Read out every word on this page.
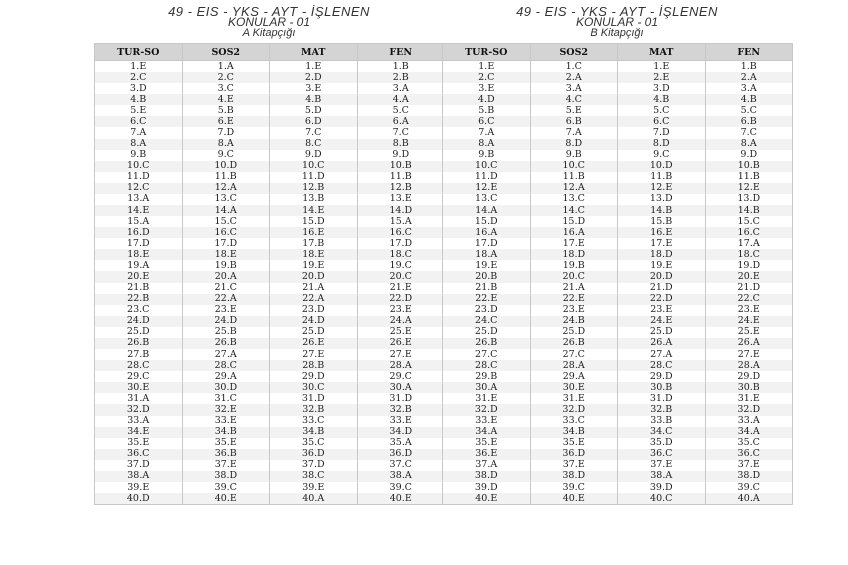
49 - EIS - YKS - AYT - İŞLENEN
KONULAR - 01
A Kitapçığı
TUR-SO	SOS2	MAT	FEN
1.E	1.A	1.E	1.B
2.C	2.C	2.D	2.B
3.D	3.C	3.E	3.A
4.B	4.E	4.B	4.A
5.E	5.B	5.D	5.C
6.C	6.E	6.D	6.A
7.A	7.D	7.C	7.C
8.A	8.A	8.C	8.B
9.B	9.C	9.D	9.D
10.C	10.D	10.C	10.B
11.D	11.B	11.D	11.B
12.C	12.A	12.B	12.B
13.A	13.C	13.B	13.E
14.E	14.A	14.E	14.D
15.A	15.C	15.D	15.A
16.D	16.C	16.E	16.C
17.D	17.D	17.B	17.D
18.E	18.E	18.E	18.C
19.A	19.B	19.E	19.C
20.E	20.A	20.D	20.C
21.B	21.C	21.A	21.E
22.B	22.A	22.A	22.D
23.C	23.E	23.D	23.E
24.D	24.D	24.D	24.A
25.D	25.B	25.D	25.E
26.B	26.B	26.E	26.E
27.B	27.A	27.E	27.E
28.C	28.C	28.B	28.A
29.C	29.A	29.D	29.C
30.E	30.D	30.C	30.A
31.A	31.C	31.D	31.D
32.D	32.E	32.B	32.B
33.A	33.E	33.C	33.E
34.E	34.B	34.B	34.D
35.E	35.E	35.C	35.A
36.C	36.B	36.D	36.D
37.D	37.E	37.D	37.C
38.A	38.D	38.C	38.A
39.E	39.C	39.E	39.C
40.D	40.E	40.A	40.E
49 - EIS - YKS - AYT - İŞLENEN
KONULAR - 01
B Kitapçığı
TUR-SO	SOS2	MAT	FEN
1.E	1.C	1.E	1.B
2.C	2.A	2.E	2.A
3.E	3.A	3.D	3.A
4.D	4.C	4.B	4.B
5.B	5.E	5.C	5.C
6.C	6.B	6.C	6.B
7.A	7.A	7.D	7.C
8.A	8.D	8.D	8.A
9.B	9.B	9.C	9.D
10.C	10.C	10.D	10.B
11.D	11.B	11.B	11.B
12.E	12.A	12.E	12.E
13.C	13.C	13.D	13.D
14.A	14.C	14.B	14.B
15.D	15.D	15.B	15.C
16.A	16.A	16.E	16.C
17.D	17.E	17.E	17.A
18.A	18.D	18.D	18.C
19.E	19.B	19.E	19.D
20.B	20.C	20.D	20.E
21.B	21.A	21.D	21.D
22.E	22.E	22.D	22.C
23.D	23.E	23.E	23.E
24.C	24.B	24.E	24.E
25.D	25.D	25.D	25.E
26.B	26.B	26.A	26.A
27.C	27.C	27.A	27.E
28.C	28.A	28.C	28.A
29.B	29.A	29.D	29.D
30.A	30.E	30.B	30.B
31.E	31.E	31.D	31.E
32.D	32.D	32.B	32.D
33.E	33.C	33.B	33.A
34.A	34.B	34.C	34.A
35.E	35.E	35.D	35.C
36.E	36.D	36.C	36.C
37.A	37.E	37.E	37.E
38.D	38.D	38.A	38.D
39.D	39.C	39.D	39.C
40.E	40.E	40.C	40.A
